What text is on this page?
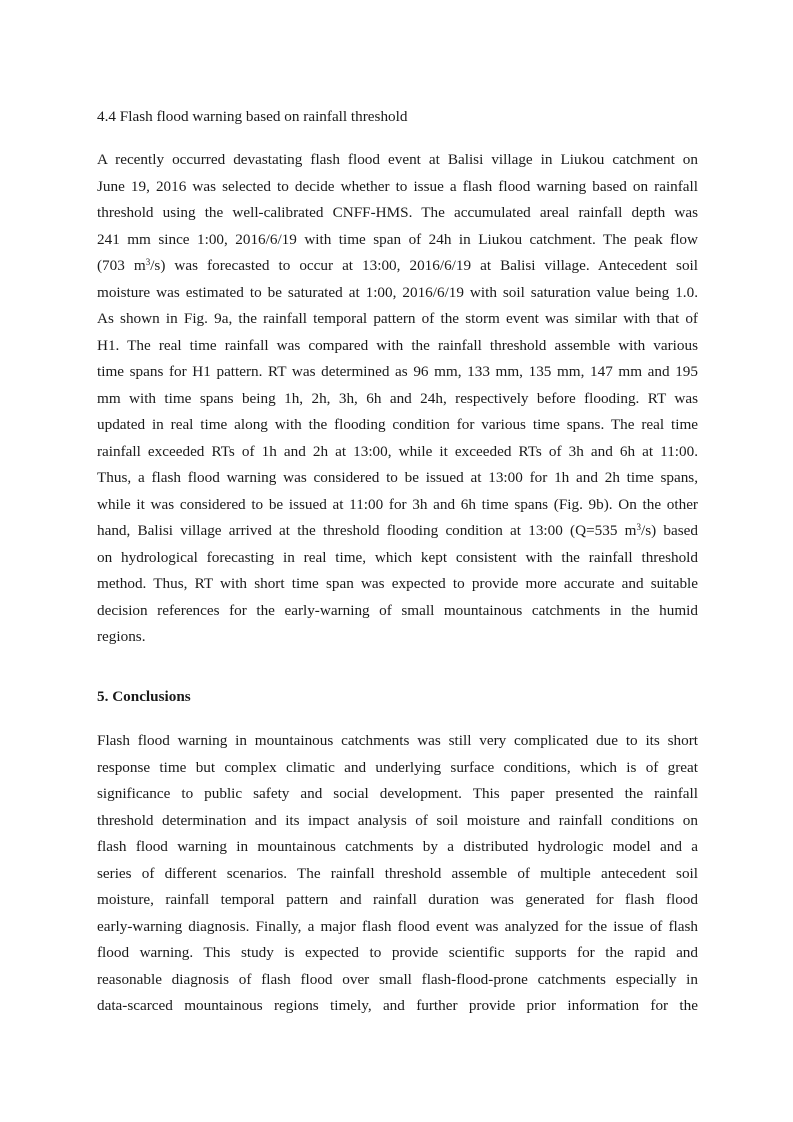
4.4 Flash flood warning based on rainfall threshold
A recently occurred devastating flash flood event at Balisi village in Liukou catchment on
June 19, 2016 was selected to decide whether to issue a flash flood warning based on rainfall
threshold using the well-calibrated CNFF-HMS. The accumulated areal rainfall depth was
241 mm since 1:00, 2016/6/19 with time span of 24h in Liukou catchment. The peak flow
(703 $m^3/s$) was forecasted to occur at 13:00, 2016/6/19 at Balisi village. Antecedent soil
moisture was estimated to be saturated at 1:00, 2016/6/19 with soil saturation value being 1.0.
As shown in Fig. 9a, the rainfall temporal pattern of the storm event was similar with that of
H1. The real time rainfall was compared with the rainfall threshold assemble with various
time spans for H1 pattern. RT was determined as 96 mm, 133 mm, 135 mm, 147 mm and 195
mm with time spans being 1h, 2h, 3h, 6h and 24h, respectively before flooding. RT was
updated in real time along with the flooding condition for various time spans. The real time
rainfall exceeded RTs of 1h and 2h at 13:00, while it exceeded RTs of 3h and 6h at 11:00.
Thus, a flash flood warning was considered to be issued at 13:00 for 1h and 2h time spans,
while it was considered to be issued at 11:00 for 3h and 6h time spans (Fig. 9b). On the other
hand, Balisi village arrived at the threshold flooding condition at 13:00 (Q=535 $m^3/s$) based
on hydrological forecasting in real time, which kept consistent with the rainfall threshold
method. Thus, RT with short time span was expected to provide more accurate and suitable
decision references for the early-warning of small mountainous catchments in the humid
regions.
5. Conclusions
Flash flood warning in mountainous catchments was still very complicated due to its short
response time but complex climatic and underlying surface conditions, which is of great
significance to public safety and social development. This paper presented the rainfall
threshold determination and its impact analysis of soil moisture and rainfall conditions on
flash flood warning in mountainous catchments by a distributed hydrologic model and a
series of different scenarios. The rainfall threshold assemble of multiple antecedent soil
moisture, rainfall temporal pattern and rainfall duration was generated for flash flood
early-warning diagnosis. Finally, a major flash flood event was analyzed for the issue of flash
flood warning. This study is expected to provide scientific supports for the rapid and
reasonable diagnosis of flash flood over small flash-flood-prone catchments especially in
data-scarced mountainous regions timely, and further provide prior information for the
